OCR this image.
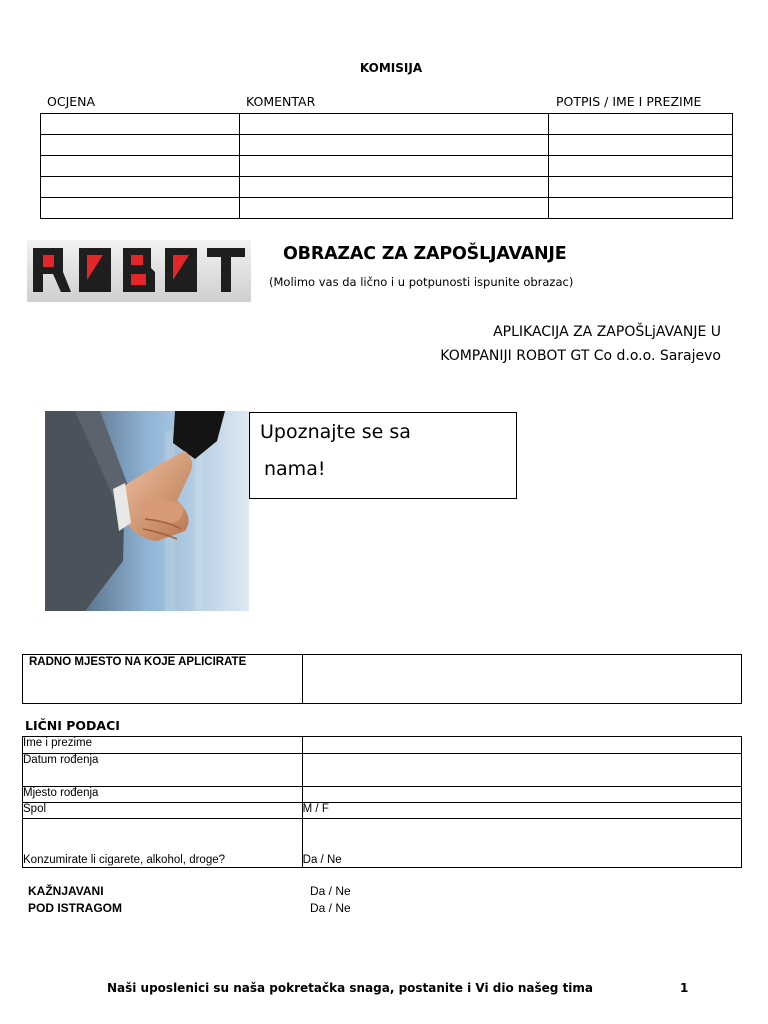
KOMISIJA
OCJENA	KOMENTAR	POTPIS / IME I PREZIME

OBRAZAC ZA ZAPOŠLJAVANJE
(Molimo vas da lično i u potpunosti ispunite obrazac)
APLIKACIJA ZA ZAPOŠLjAVANJE U
KOMPANIJI ROBOT GT Co d.o.o. Sarajevo
Upoznajte se sa
nama!
RADNO MJESTO NA KOJE APLICIRATE

LIČNI PODACI
Ime i prezime	
Datum rođenja	
Mjesto rođenja	
Spol	M / F
Konzumirate li cigarete, alkohol, droge?	Da / Ne
KAŽNJAVANI	Da / Ne
POD ISTRAGOM	Da / Ne
Naši uposlenici su naša pokretačka snaga, postanite i Vi dio našeg tima	1
